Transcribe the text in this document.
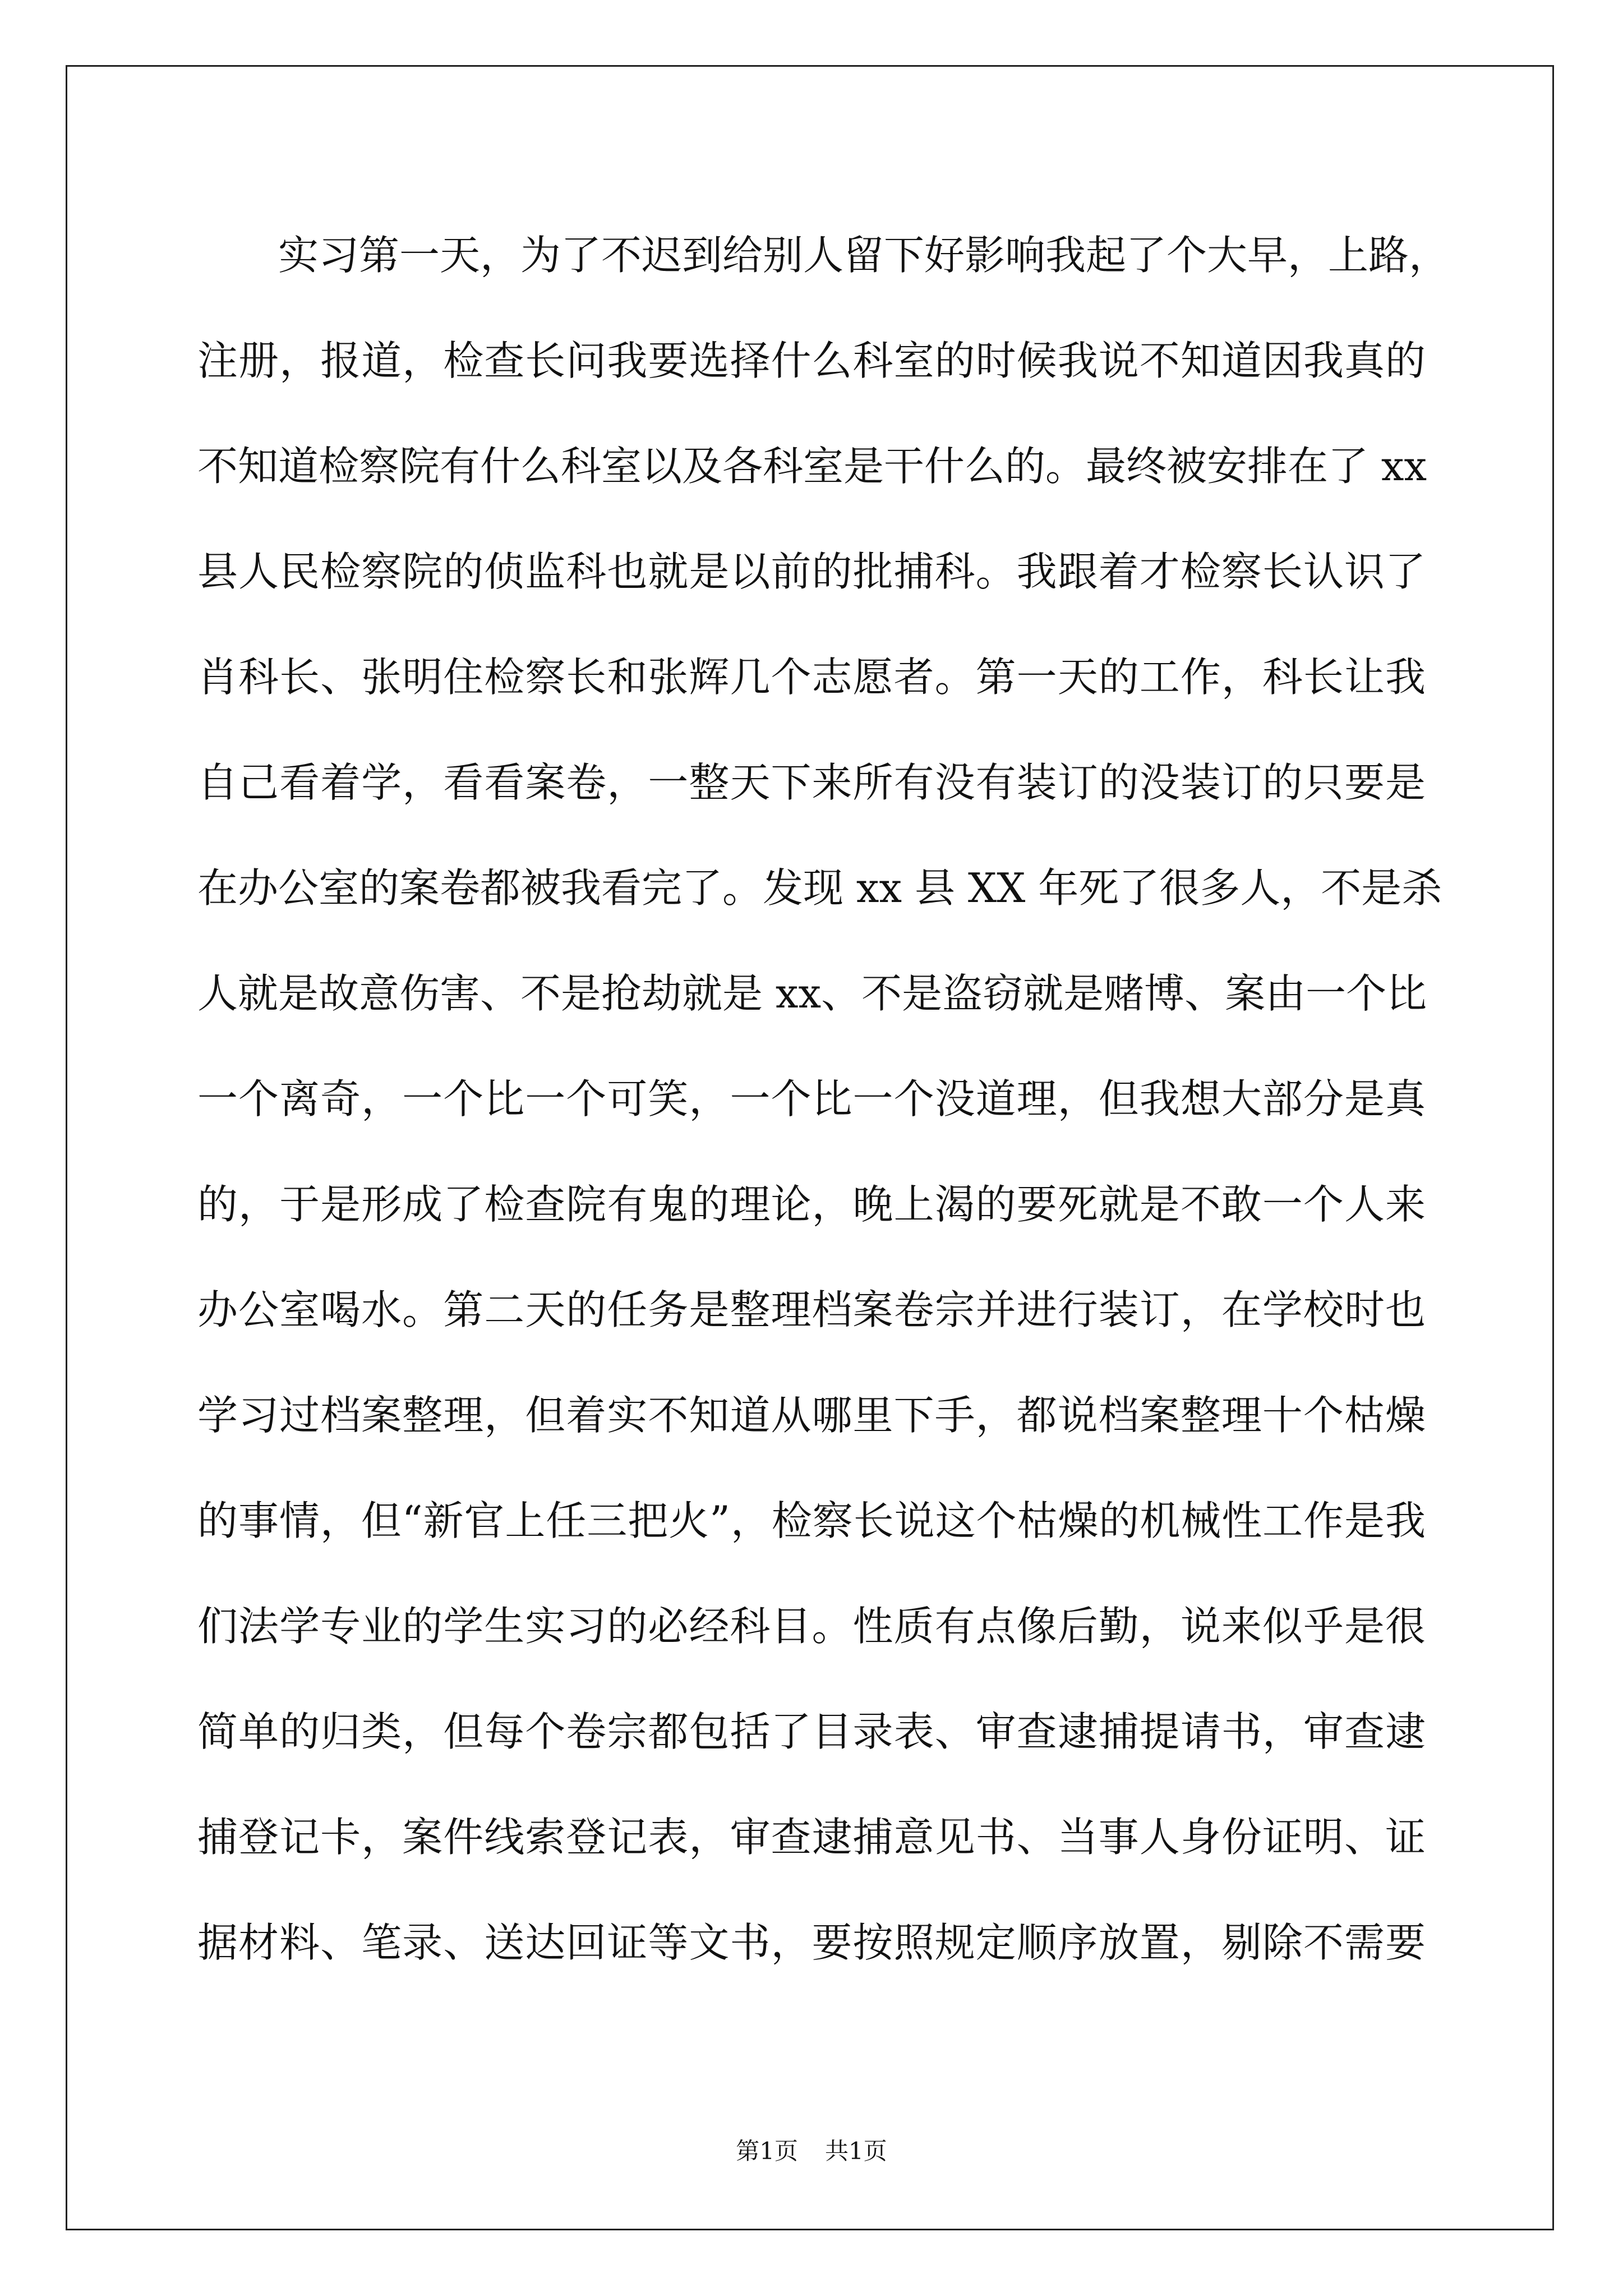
实习第一天，为了不迟到给别人留下好影响我起了个大早，上路，
注册，报道，检查长问我要选择什么科室的时候我说不知道因我真的
不知道检察院有什么科室以及各科室是干什么的。最终被安排在了 xx
县人民检察院的侦监科也就是以前的批捕科。我跟着才检察长认识了
肖科长、张明住检察长和张辉几个志愿者。第一天的工作，科长让我
自己看着学，看看案卷，一整天下来所有没有装订的没装订的只要是
在办公室的案卷都被我看完了。发现 xx 县 XX 年死了很多人，不是杀
人就是故意伤害、不是抢劫就是 xx、不是盗窃就是赌博、案由一个比
一个离奇，一个比一个可笑，一个比一个没道理，但我想大部分是真
的，于是形成了检查院有鬼的理论，晚上渴的要死就是不敢一个人来
办公室喝水。第二天的任务是整理档案卷宗并进行装订，在学校时也
学习过档案整理，但着实不知道从哪里下手，都说档案整理十个枯燥
的事情，但“新官上任三把火”，检察长说这个枯燥的机械性工作是我
们法学专业的学生实习的必经科目。性质有点像后勤，说来似乎是很
简单的归类，但每个卷宗都包括了目录表、审查逮捕提请书，审查逮
捕登记卡，案件线索登记表，审查逮捕意见书、当事人身份证明、证
据材料、笔录、送达回证等文书，要按照规定顺序放置，剔除不需要
第1页 共1页
